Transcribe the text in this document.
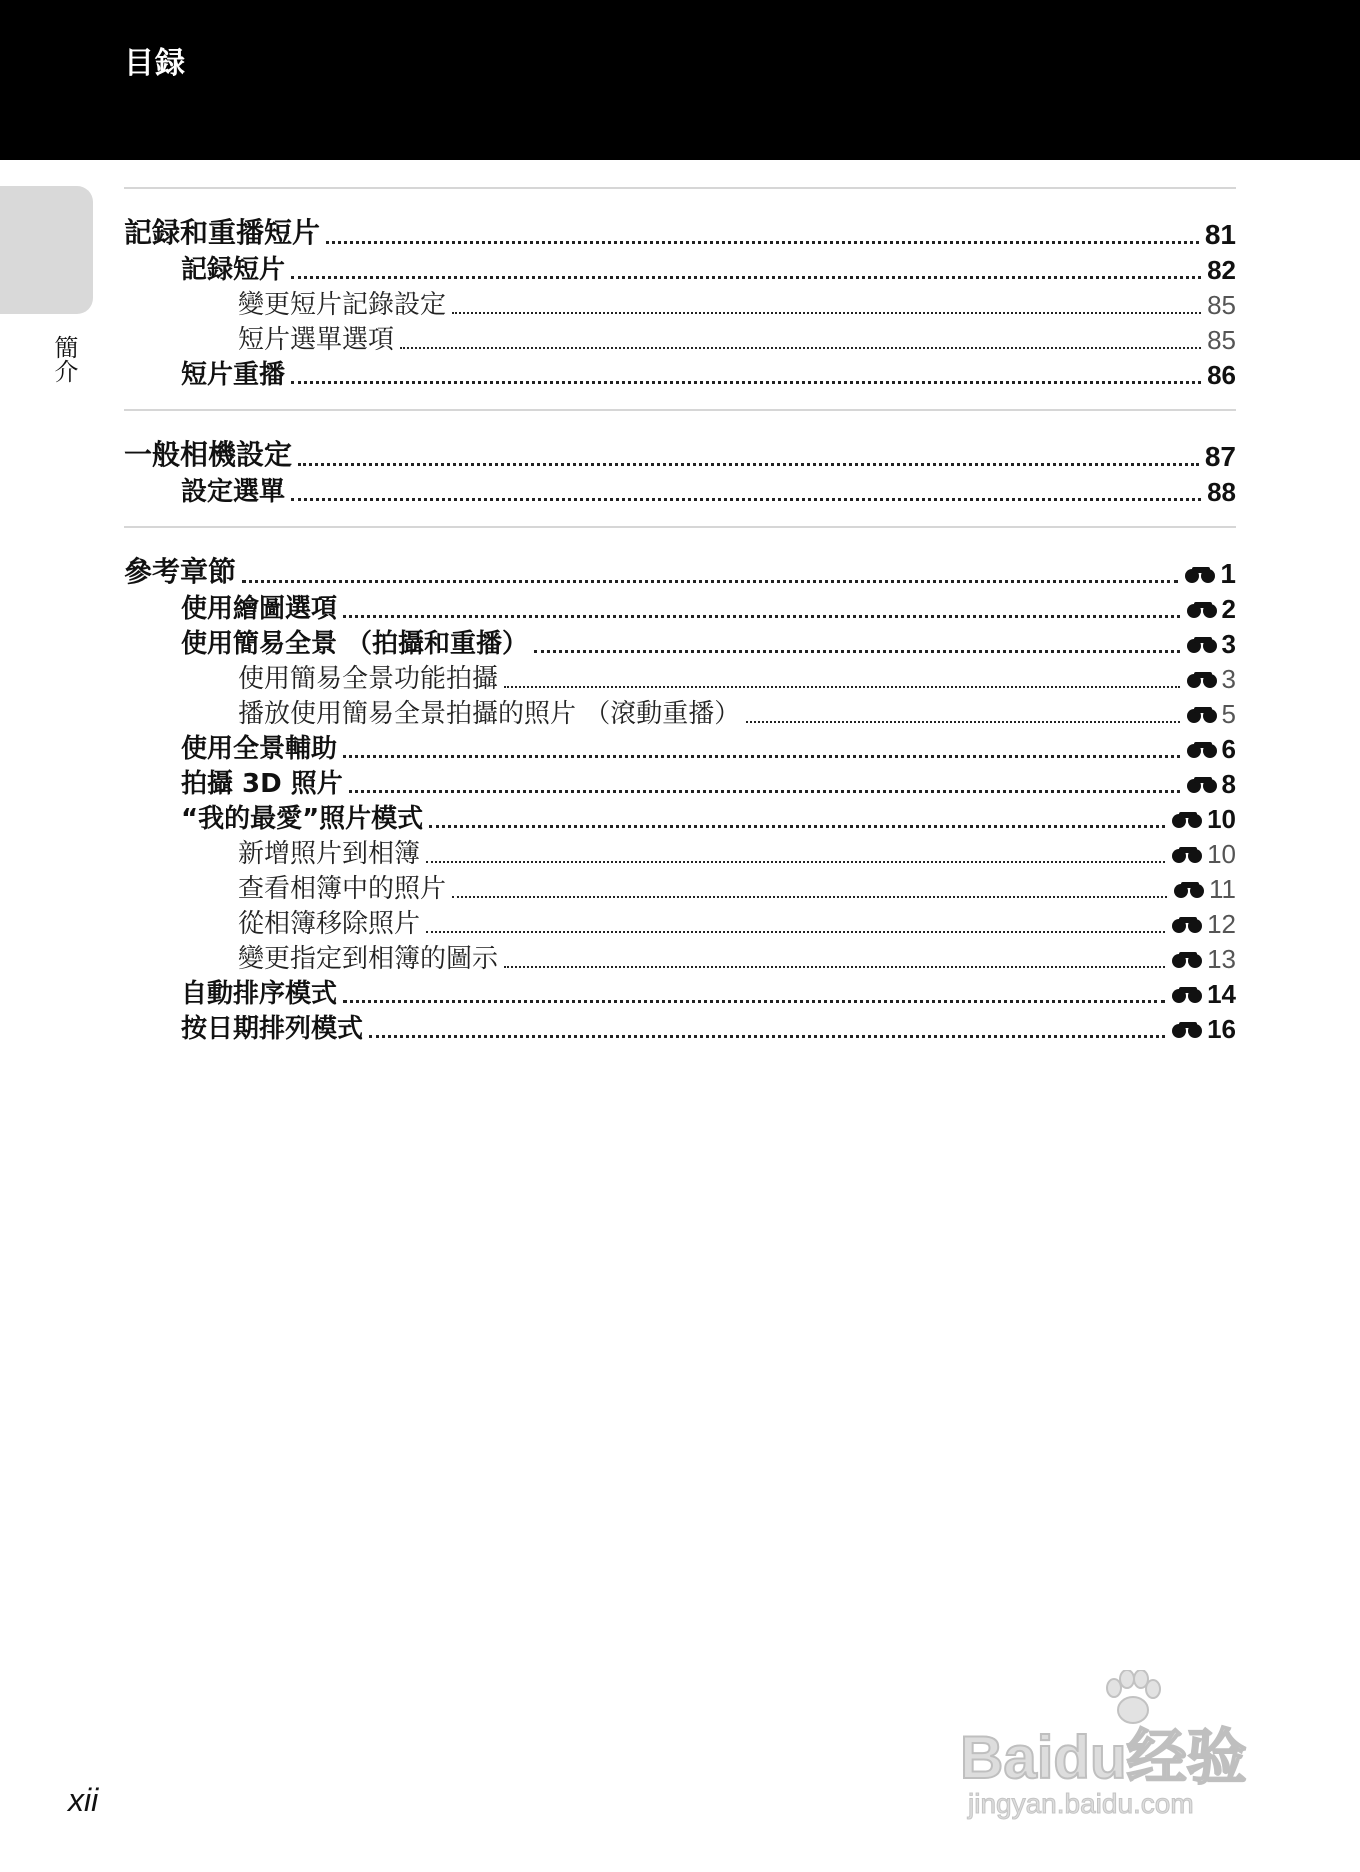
目録
簡介
記録和重播短片	81
記録短片	82
變更短片記錄設定	85
短片選單選項	85
短片重播	86
一般相機設定	87
設定選單	88
參考章節	1
使用繪圖選項	2
使用簡易全景 （拍攝和重播）	3
使用簡易全景功能拍攝	3
播放使用簡易全景拍攝的照片 （滾動重播）	5
使用全景輔助	6
拍攝 3D 照片	8
“我的最愛”照片模式	10
新增照片到相簿	10
查看相簿中的照片	11
從相簿移除照片	12
變更指定到相簿的圖示	13
自動排序模式	14
按日期排列模式	16
xii
Baidu经验
jingyan.baidu.com
